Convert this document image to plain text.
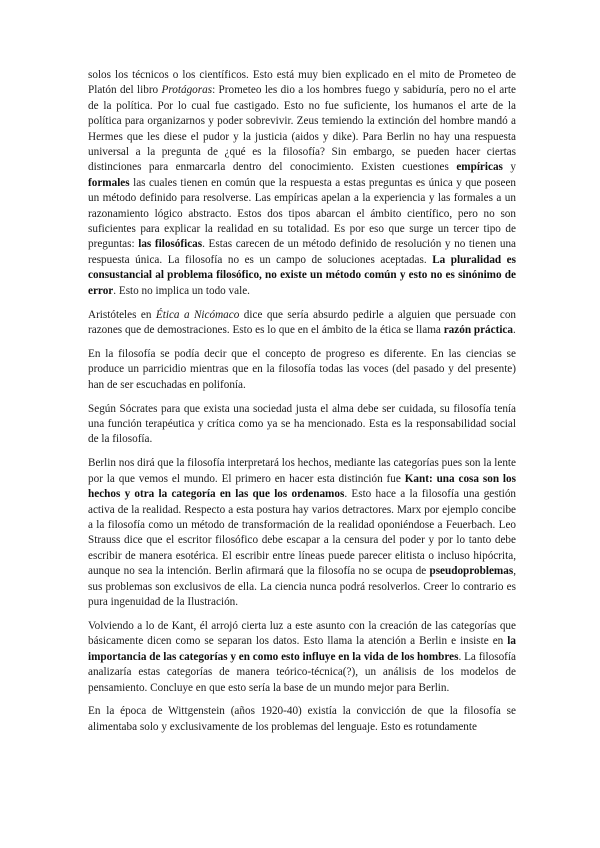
solos los técnicos o los científicos. Esto está muy bien explicado en el mito de Prometeo de Platón del libro Protágoras: Prometeo les dio a los hombres fuego y sabiduría, pero no el arte de la política. Por lo cual fue castigado. Esto no fue suficiente, los humanos el arte de la política para organizarnos y poder sobrevivir. Zeus temiendo la extinción del hombre mandó a Hermes que les diese el pudor y la justicia (aidos y dike). Para Berlin no hay una respuesta universal a la pregunta de ¿qué es la filosofía? Sin embargo, se pueden hacer ciertas distinciones para enmarcarla dentro del conocimiento. Existen cuestiones empíricas y formales las cuales tienen en común que la respuesta a estas preguntas es única y que poseen un método definido para resolverse. Las empíricas apelan a la experiencia y las formales a un razonamiento lógico abstracto. Estos dos tipos abarcan el ámbito científico, pero no son suficientes para explicar la realidad en su totalidad. Es por eso que surge un tercer tipo de preguntas: las filosóficas. Estas carecen de un método definido de resolución y no tienen una respuesta única. La filosofía no es un campo de soluciones aceptadas. La pluralidad es consustancial al problema filosófico, no existe un método común y esto no es sinónimo de error. Esto no implica un todo vale.

Aristóteles en Ética a Nicómaco dice que sería absurdo pedirle a alguien que persuade con razones que de demostraciones. Esto es lo que en el ámbito de la ética se llama razón práctica.

En la filosofía se podía decir que el concepto de progreso es diferente. En las ciencias se produce un parricidio mientras que en la filosofía todas las voces (del pasado y del presente) han de ser escuchadas en polifonía.

Según Sócrates para que exista una sociedad justa el alma debe ser cuidada, su filosofía tenía una función terapéutica y crítica como ya se ha mencionado. Esta es la responsabilidad social de la filosofía.

Berlin nos dirá que la filosofía interpretará los hechos, mediante las categorías pues son la lente por la que vemos el mundo. El primero en hacer esta distinción fue Kant: una cosa son los hechos y otra la categoría en las que los ordenamos. Esto hace a la filosofía una gestión activa de la realidad. Respecto a esta postura hay varios detractores. Marx por ejemplo concibe a la filosofía como un método de transformación de la realidad oponiéndose a Feuerbach. Leo Strauss dice que el escritor filosófico debe escapar a la censura del poder y por lo tanto debe escribir de manera esotérica. El escribir entre líneas puede parecer elitista o incluso hipócrita, aunque no sea la intención. Berlin afirmará que la filosofía no se ocupa de pseudoproblemas, sus problemas son exclusivos de ella. La ciencia nunca podrá resolverlos. Creer lo contrario es pura ingenuidad de la Ilustración.

Volviendo a lo de Kant, él arrojó cierta luz a este asunto con la creación de las categorías que básicamente dicen como se separan los datos. Esto llama la atención a Berlin e insiste en la importancia de las categorías y en como esto influye en la vida de los hombres. La filosofía analizaría estas categorías de manera teórico-técnica(?), un análisis de los modelos de pensamiento. Concluye en que esto sería la base de un mundo mejor para Berlin.

En la época de Wittgenstein (años 1920-40) existía la convicción de que la filosofía se alimentaba solo y exclusivamente de los problemas del lenguaje. Esto es rotundamente
